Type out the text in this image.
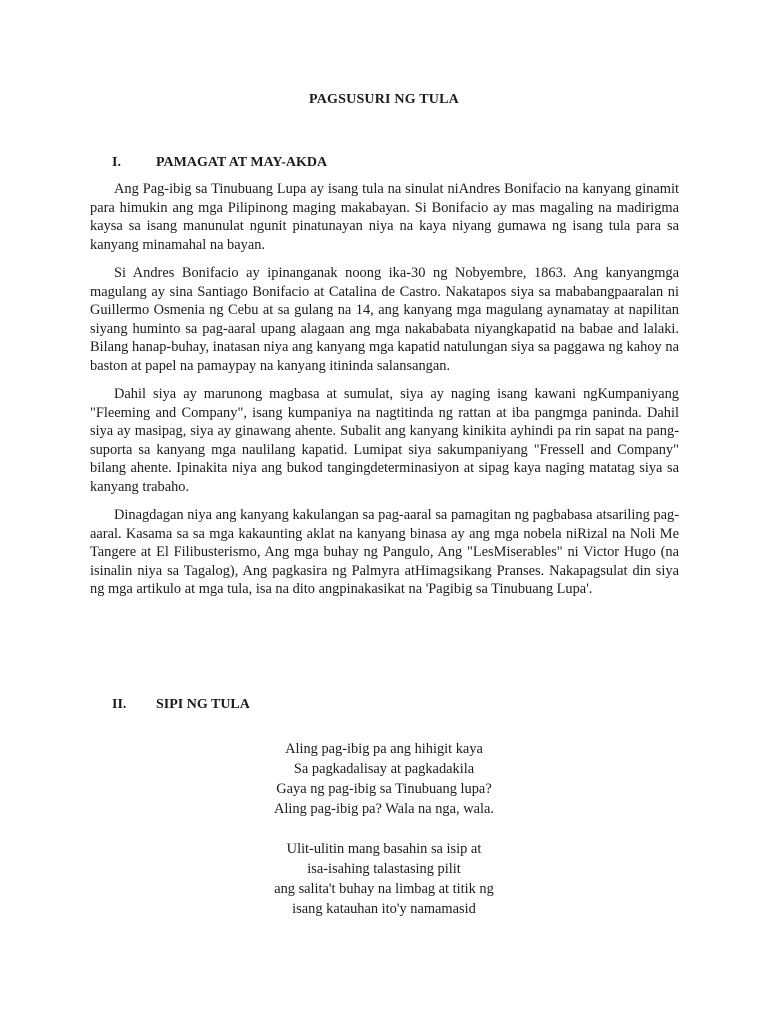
PAGSUSURI NG TULA
I.	PAMAGAT AT MAY-AKDA

Ang Pag-ibig sa Tinubuang Lupa ay isang tula na sinulat niAndres Bonifacio na kanyang ginamit para himukin ang mga Pilipinong maging makabayan. Si Bonifacio ay mas magaling na madirigma kaysa sa isang manunulat ngunit pinatunayan niya na kaya niyang gumawa ng isang tula para sa kanyang minamahal na bayan.

Si Andres Bonifacio ay ipinanganak noong ika-30 ng Nobyembre, 1863. Ang kanyangmga magulang ay sina Santiago Bonifacio at Catalina de Castro. Nakatapos siya sa mababangpaaralan ni Guillermo Osmenia ng Cebu at sa gulang na 14, ang kanyang mga magulang aynamatay at napilitan siyang huminto sa pag-aaral upang alagaan ang mga nakababata niyangkapatid na babae and lalaki. Bilang hanap-buhay, inatasan niya ang kanyang mga kapatid natulungan siya sa paggawa ng kahoy na baston at papel na pamaypay na kanyang itininda salansangan.

Dahil siya ay marunong magbasa at sumulat, siya ay naging isang kawani ngKumpaniyang "Fleeming and Company", isang kumpaniya na nagtitinda ng rattan at iba pangmga paninda. Dahil siya ay masipag, siya ay ginawang ahente. Subalit ang kanyang kinikita ayhindi pa rin sapat na pang-suporta sa kanyang mga naulilang kapatid. Lumipat siya sakumpaniyang "Fressell and Company" bilang ahente. Ipinakita niya ang bukod tangingdeterminasiyon at sipag kaya naging matatag siya sa kanyang trabaho.

Dinagdagan niya ang kanyang kakulangan sa pag-aaral sa pamagitan ng pagbabasa atsariling pag-aaral. Kasama sa sa mga kakaunting aklat na kanyang binasa ay ang mga nobela niRizal na Noli Me Tangere at El Filibusterismo, Ang mga buhay ng Pangulo, Ang "LesMiserables" ni Victor Hugo (na isinalin niya sa Tagalog), Ang pagkasira ng Palmyra atHimagsikang Pranses. Nakapagsulat din siya ng mga artikulo at mga tula, isa na dito angpinakasikat na 'Pagibig sa Tinubuang Lupa'.

II. SIPI NG TULA
Aling pag-ibig pa ang hihigit kaya
Sa pagkadalisay at pagkadakila
Gaya ng pag-ibig sa Tinubuang lupa?
Aling pag-ibig pa? Wala na nga, wala.
Ulit-ulitin mang basahin sa isip at
isa-isahing talastasing pilit
ang salita't buhay na limbag at titik ng
isang katauhan ito'y namamasid
